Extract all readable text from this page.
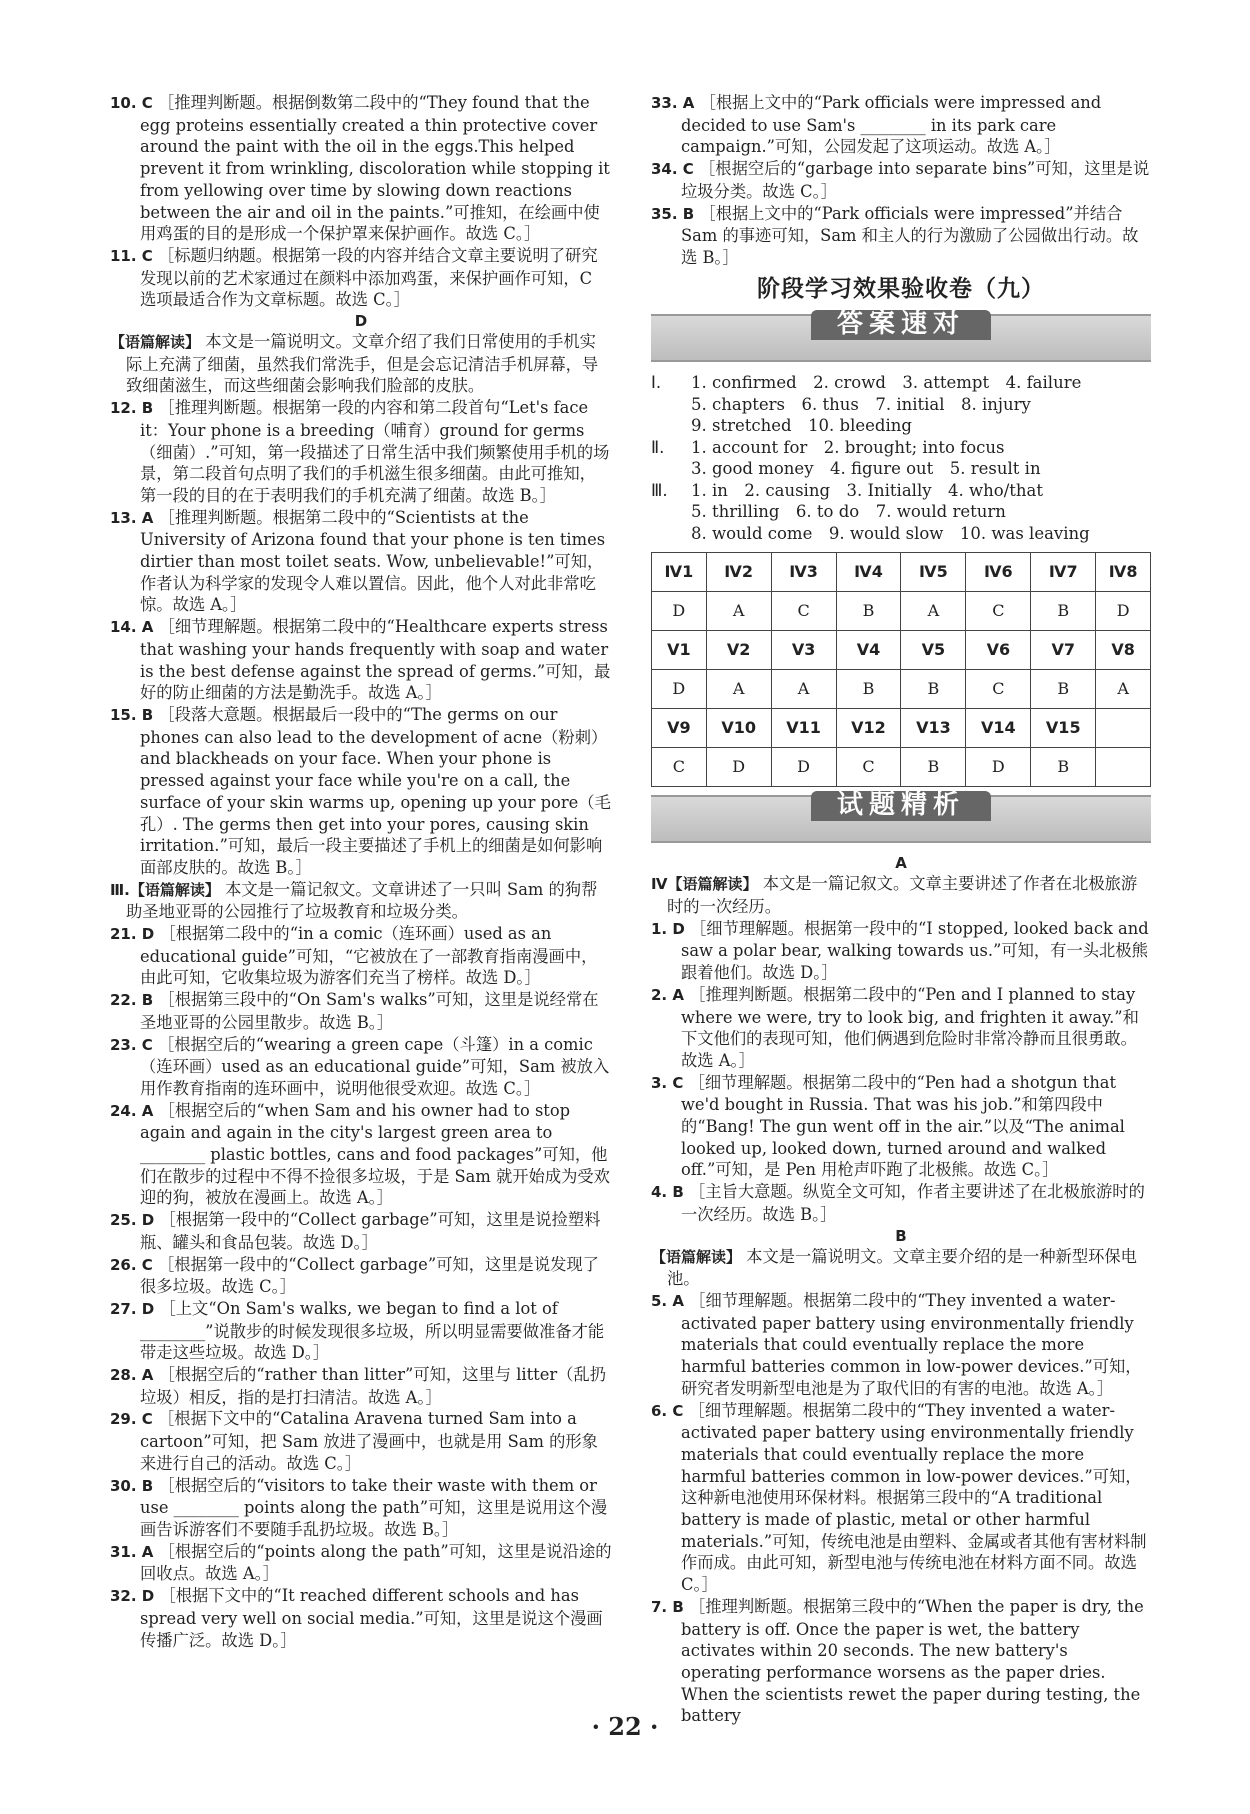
10. C ［推理判断题。根据倒数第二段中的“They found that the egg proteins essentially created a thin protective cover around the paint with the oil in the eggs.This helped prevent it from wrinkling, discoloration while stopping it from yellowing over time by slowing down reactions between the air and oil in the paints.”可推知，在绘画中使用鸡蛋的目的是形成一个保护罩来保护画作。故选 C。］

11. C ［标题归纳题。根据第一段的内容并结合文章主要说明了研究发现以前的艺术家通过在颜料中添加鸡蛋，来保护画作可知，C 选项最适合作为文章标题。故选 C。］

D

【语篇解读】 本文是一篇说明文。文章介绍了我们日常使用的手机实际上充满了细菌，虽然我们常洗手，但是会忘记清洁手机屏幕，导致细菌滋生，而这些细菌会影响我们脸部的皮肤。

12. B ［推理判断题。根据第一段的内容和第二段首句“Let's face it：Your phone is a breeding（哺育）ground for germs（细菌）.”可知，第一段描述了日常生活中我们频繁使用手机的场景，第二段首句点明了我们的手机滋生很多细菌。由此可推知，第一段的目的在于表明我们的手机充满了细菌。故选 B。］

13. A ［推理判断题。根据第二段中的“Scientists at the University of Arizona found that your phone is ten times dirtier than most toilet seats. Wow, unbelievable!”可知，作者认为科学家的发现令人难以置信。因此，他个人对此非常吃惊。故选 A。］

14. A ［细节理解题。根据第二段中的“Healthcare experts stress that washing your hands frequently with soap and water is the best defense against the spread of germs.”可知，最好的防止细菌的方法是勤洗手。故选 A。］

15. B ［段落大意题。根据最后一段中的“The germs on our phones can also lead to the development of acne（粉刺）and blackheads on your face. When your phone is pressed against your face while you're on a call, the surface of your skin warms up, opening up your pore（毛孔）. The germs then get into your pores, causing skin irritation.”可知，最后一段主要描述了手机上的细菌是如何影响面部皮肤的。故选 B。］

Ⅲ.【语篇解读】 本文是一篇记叙文。文章讲述了一只叫 Sam 的狗帮助圣地亚哥的公园推行了垃圾教育和垃圾分类。

21. D ［根据第二段中的“in a comic（连环画）used as an educational guide”可知，“它被放在了一部教育指南漫画中，由此可知，它收集垃圾为游客们充当了榜样。故选 D。］

22. B ［根据第三段中的“On Sam's walks”可知，这里是说经常在圣地亚哥的公园里散步。故选 B。］

23. C ［根据空后的“wearing a green cape（斗篷）in a comic（连环画）used as an educational guide”可知，Sam 被放入用作教育指南的连环画中，说明他很受欢迎。故选 C。］

24. A ［根据空后的“when Sam and his owner had to stop again and again in the city's largest green area to ________ plastic bottles, cans and food packages”可知，他们在散步的过程中不得不捡很多垃圾，于是 Sam 就开始成为受欢迎的狗，被放在漫画上。故选 A。］

25. D ［根据第一段中的“Collect garbage”可知，这里是说捡塑料瓶、罐头和食品包装。故选 D。］

26. C ［根据第一段中的“Collect garbage”可知，这里是说发现了很多垃圾。故选 C。］

27. D ［上文“On Sam's walks, we began to find a lot of ________”说散步的时候发现很多垃圾，所以明显需要做准备才能带走这些垃圾。故选 D。］

28. A ［根据空后的“rather than litter”可知，这里与 litter（乱扔垃圾）相反，指的是打扫清洁。故选 A。］

29. C ［根据下文中的“Catalina Aravena turned Sam into a cartoon”可知，把 Sam 放进了漫画中，也就是用 Sam 的形象来进行自己的活动。故选 C。］

30. B ［根据空后的“visitors to take their waste with them or use ________ points along the path”可知，这里是说用这个漫画告诉游客们不要随手乱扔垃圾。故选 B。］

31. A ［根据空后的“points along the path”可知，这里是说沿途的回收点。故选 A。］

32. D ［根据下文中的“It reached different schools and has spread very well on social media.”可知，这里是说这个漫画传播广泛。故选 D。］

33. A ［根据上文中的“Park officials were impressed and decided to use Sam's ________ in its park care campaign.”可知，公园发起了这项运动。故选 A。］

34. C ［根据空后的“garbage into separate bins”可知，这里是说垃圾分类。故选 C。］

35. B ［根据上文中的“Park officials were impressed”并结合 Sam 的事迹可知，Sam 和主人的行为激励了公园做出行动。故选 B。］

阶段学习效果验收卷（九）
答案速对
Ⅰ. 1. confirmed　2. crowd　3. attempt　4. failure
5. chapters　6. thus　7. initial　8. injury
9. stretched　10. bleeding
Ⅱ. 1. account for　2. brought; into focus
3. good money　4. figure out　5. result in
Ⅲ. 1. in　2. causing　3. Initially　4. who/that
5. thrilling　6. to do　7. would return
8. would come　9. would slow　10. was leaving
Ⅳ1	Ⅳ2	Ⅳ3	Ⅳ4	Ⅳ5	Ⅳ6	Ⅳ7	Ⅳ8
D	A	C	B	A	C	B	D
Ⅴ1	Ⅴ2	Ⅴ3	Ⅴ4	Ⅴ5	Ⅴ6	Ⅴ7	Ⅴ8
D	A	A	B	B	C	B	A
Ⅴ9	Ⅴ10	Ⅴ11	Ⅴ12	Ⅴ13	Ⅴ14	Ⅴ15	
C	D	D	C	B	D	B	
试题精析

A

Ⅳ【语篇解读】 本文是一篇记叙文。文章主要讲述了作者在北极旅游时的一次经历。

1. D ［细节理解题。根据第一段中的“I stopped, looked back and saw a polar bear, walking towards us.”可知，有一头北极熊跟着他们。故选 D。］

2. A ［推理判断题。根据第二段中的“Pen and I planned to stay where we were, try to look big, and frighten it away.”和下文他们的表现可知，他们俩遇到危险时非常冷静而且很勇敢。故选 A。］

3. C ［细节理解题。根据第二段中的“Pen had a shotgun that we'd bought in Russia. That was his job.”和第四段中的“Bang! The gun went off in the air.”以及“The animal looked up, looked down, turned around and walked off.”可知，是 Pen 用枪声吓跑了北极熊。故选 C。］

4. B ［主旨大意题。纵览全文可知，作者主要讲述了在北极旅游时的一次经历。故选 B。］

B

【语篇解读】 本文是一篇说明文。文章主要介绍的是一种新型环保电池。

5. A ［细节理解题。根据第二段中的“They invented a water-activated paper battery using environmentally friendly materials that could eventually replace the more harmful batteries common in low-power devices.”可知，研究者发明新型电池是为了取代旧的有害的电池。故选 A。］

6. C ［细节理解题。根据第二段中的“They invented a water-activated paper battery using environmentally friendly materials that could eventually replace the more harmful batteries common in low-power devices.”可知，这种新电池使用环保材料。根据第三段中的“A traditional battery is made of plastic, metal or other harmful materials.”可知，传统电池是由塑料、金属或者其他有害材料制作而成。由此可知，新型电池与传统电池在材料方面不同。故选 C。］

7. B ［推理判断题。根据第三段中的“When the paper is dry, the battery is off. Once the paper is wet, the battery activates within 20 seconds. The new battery's operating performance worsens as the paper dries. When the scientists rewet the paper during testing, the battery

· 22 ·
